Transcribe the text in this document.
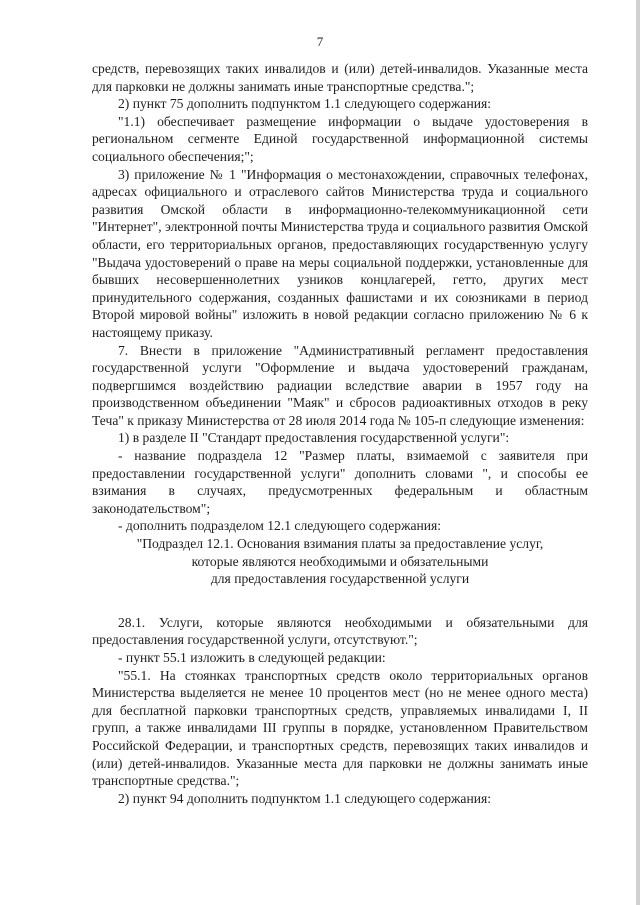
7

средств, перевозящих таких инвалидов и (или) детей-инвалидов. Указанные места для парковки не должны занимать иные транспортные средства.";

2) пункт 75 дополнить подпунктом 1.1 следующего содержания:

"1.1) обеспечивает размещение информации о выдаче удостоверения в региональном сегменте Единой государственной информационной системы социального обеспечения;";

3) приложение № 1 "Информация о местонахождении, справочных телефонах, адресах официального и отраслевого сайтов Министерства труда и социального развития Омской области в информационно-телекоммуникационной сети "Интернет", электронной почты Министерства труда и социального развития Омской области, его территориальных органов, предоставляющих государственную услугу "Выдача удостоверений о праве на меры социальной поддержки, установленные для бывших несовершеннолетних узников концлагерей, гетто, других мест принудительного содержания, созданных фашистами и их союзниками в период Второй мировой войны" изложить в новой редакции согласно приложению № 6 к настоящему приказу.

7. Внести в приложение "Административный регламент предоставления государственной услуги "Оформление и выдача удостоверений гражданам, подвергшимся воздействию радиации вследствие аварии в 1957 году на производственном объединении "Маяк" и сбросов радиоактивных отходов в реку Теча" к приказу Министерства от 28 июля 2014 года № 105-п следующие изменения:

1) в разделе II "Стандарт предоставления государственной услуги":

- название подраздела 12 "Размер платы, взимаемой с заявителя при предоставлении государственной услуги" дополнить словами ", и способы ее взимания в случаях, предусмотренных федеральным и областным законодательством";

- дополнить подразделом 12.1 следующего содержания:

"Подраздел 12.1. Основания взимания платы за предоставление услуг,

которые являются необходимыми и обязательными

для предоставления государственной услуги

28.1. Услуги, которые являются необходимыми и обязательными для предоставления государственной услуги, отсутствуют.";

- пункт 55.1 изложить в следующей редакции:

"55.1. На стоянках транспортных средств около территориальных органов Министерства выделяется не менее 10 процентов мест (но не менее одного места) для бесплатной парковки транспортных средств, управляемых инвалидами I, II групп, а также инвалидами III группы в порядке, установленном Правительством Российской Федерации, и транспортных средств, перевозящих таких инвалидов и (или) детей-инвалидов. Указанные места для парковки не должны занимать иные транспортные средства.";

2) пункт 94 дополнить подпунктом 1.1 следующего содержания:
